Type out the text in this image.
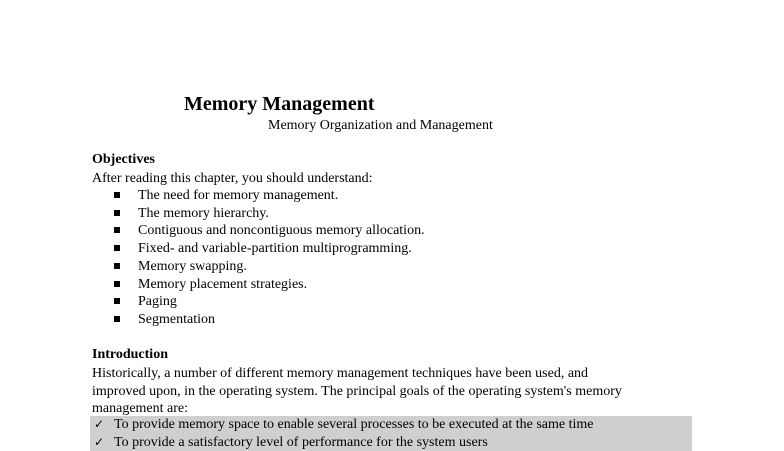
Memory Management
Memory Organization and Management
Objectives
After reading this chapter, you should understand:
The need for memory management.
The memory hierarchy.
Contiguous and noncontiguous memory allocation.
Fixed- and variable-partition multiprogramming.
Memory swapping.
Memory placement strategies.
Paging
Segmentation
Introduction
Historically, a number of different memory management techniques have been used, and
improved upon, in the operating system. The principal goals of the operating system's memory
management are:
✓ To provide memory space to enable several processes to be executed at the same time
✓ To provide a satisfactory level of performance for the system users
